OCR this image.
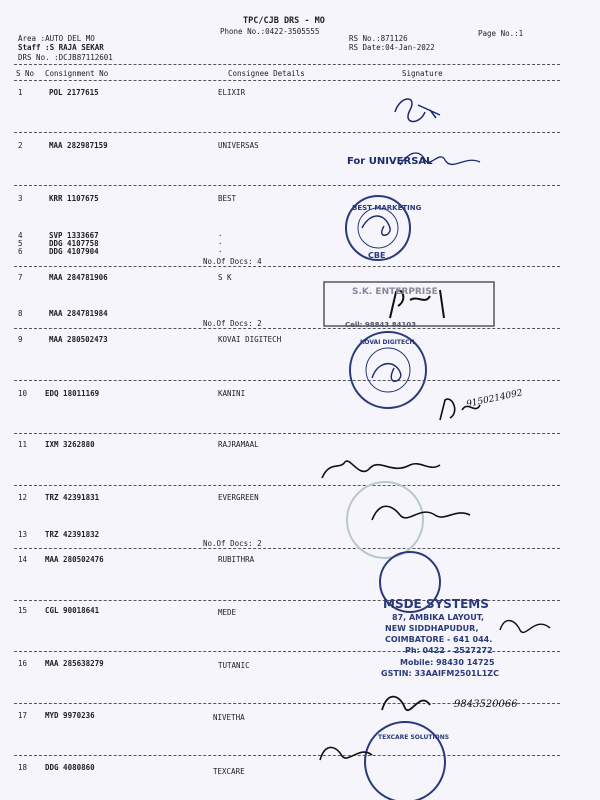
TPC/CJB DRS - MO
Phone No.:0422-3505555
Area :AUTO DEL MO
Staff :S RAJA SEKAR
DRS No. :DCJB87112601
RS No.:871126
RS Date:04-Jan-2022
Page No.:1
S No Consignment No	Consignee Details	Signature
1	POL 2177615	ELIXIR
2	MAA 282987159	UNIVERSAS
3	KRR 1107675	BEST
4	SVP 1333667	.
5	DDG 4107758	.
6	DDG 4107904	.
No.Of Docs: 4
7	MAA 284781906	S K
8	MAA 284781984
No.Of Docs: 2
9	MAA 280502473	KOVAI DIGITECH
10 EDQ 18011169	KANINI
11 IXM 3262880	RAJRAMAAL
12 TRZ 42391831	EVERGREEN
13 TRZ 42391832
No.Of Docs: 2
14 MAA 280502476	RUBITHRA
15 CGL 90018641	MEDE
16 MAA 285638279	TUTANIC
17 MYD 9970236	NIVETHA
18 DDG 4080860	TEXCARE
For UNIVERSAL
BEST MARKETING
CBE
S.K. ENTERPRISE
Cell: 98843 84103
KOVAI DIGITECH
9150214092
MSDE SYSTEMS
87, AMBIKA LAYOUT,
NEW SIDDHAPUDUR,
COIMBATORE - 641 044.
Ph: 0422 - 2527272
Mobile: 98430 14725
GSTIN: 33AAIFM2501L1ZC
9843520066
TEXCARE SOLUTIONS
